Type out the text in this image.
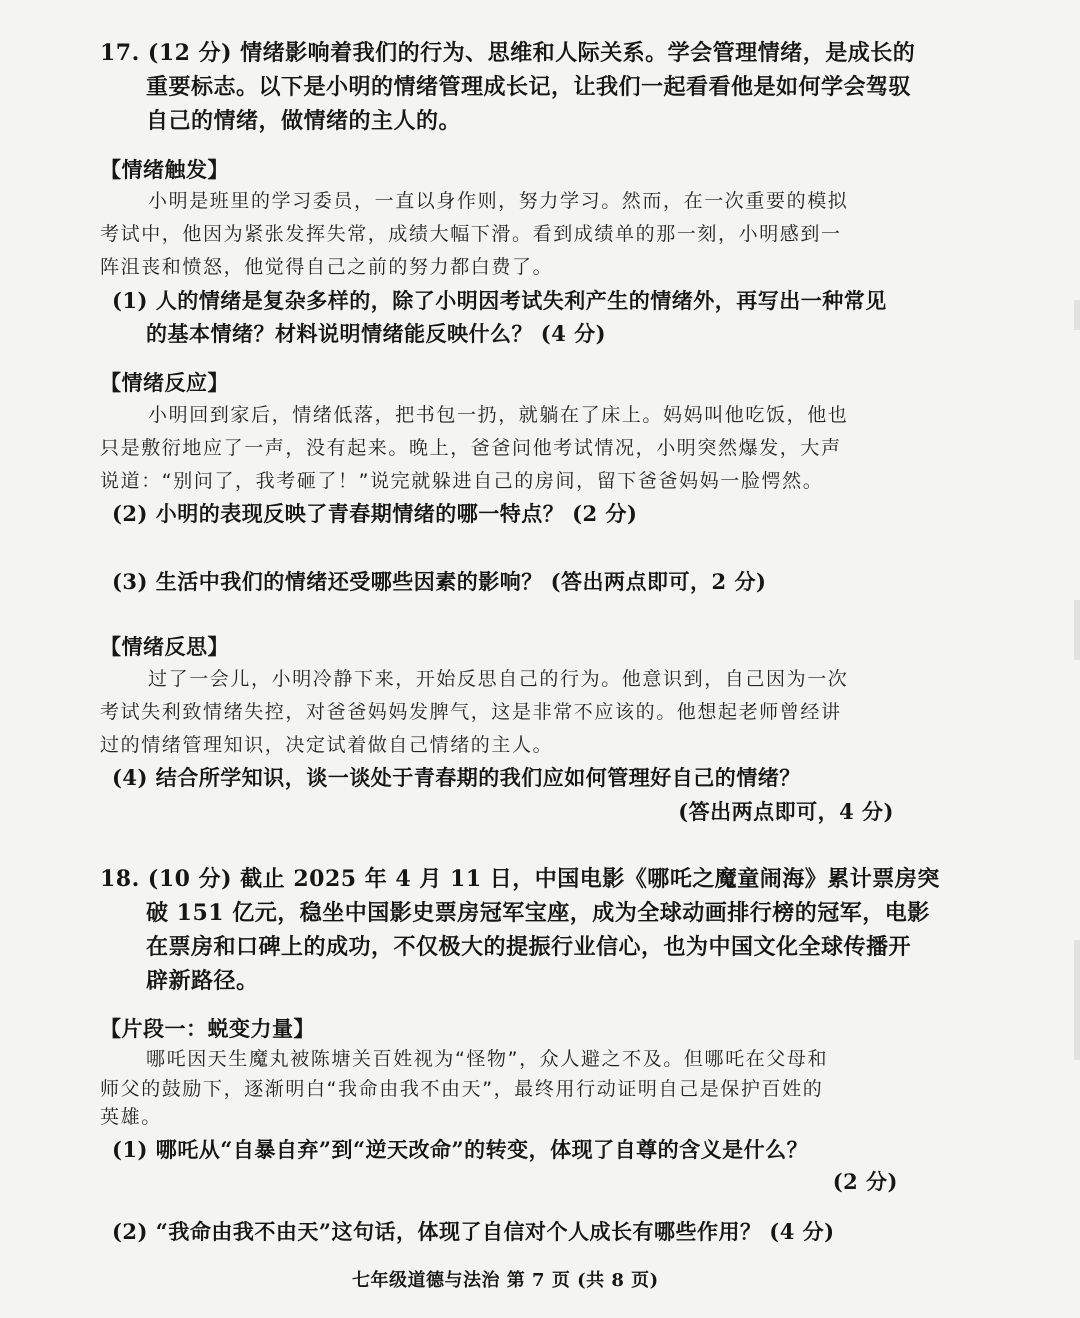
17. (12 分) 情绪影响着我们的行为、思维和人际关系。学会管理情绪，是成长的
重要标志。以下是小明的情绪管理成长记，让我们一起看看他是如何学会驾驭
自己的情绪，做情绪的主人的。
【情绪触发】
小明是班里的学习委员，一直以身作则，努力学习。然而，在一次重要的模拟
考试中，他因为紧张发挥失常，成绩大幅下滑。看到成绩单的那一刻，小明感到一
阵沮丧和愤怒，他觉得自己之前的努力都白费了。
(1) 人的情绪是复杂多样的，除了小明因考试失利产生的情绪外，再写出一种常见
的基本情绪？材料说明情绪能反映什么？ (4 分)
【情绪反应】
小明回到家后，情绪低落，把书包一扔，就躺在了床上。妈妈叫他吃饭，他也
只是敷衍地应了一声，没有起来。晚上，爸爸问他考试情况，小明突然爆发，大声
说道：“别问了，我考砸了！”说完就躲进自己的房间，留下爸爸妈妈一脸愕然。
(2) 小明的表现反映了青春期情绪的哪一特点？ (2 分)
(3) 生活中我们的情绪还受哪些因素的影响？ (答出两点即可，2 分)
【情绪反思】
过了一会儿，小明冷静下来，开始反思自己的行为。他意识到，自己因为一次
考试失利致情绪失控，对爸爸妈妈发脾气，这是非常不应该的。他想起老师曾经讲
过的情绪管理知识，决定试着做自己情绪的主人。
(4) 结合所学知识，谈一谈处于青春期的我们应如何管理好自己的情绪？
(答出两点即可，4 分)
18. (10 分) 截止 2025 年 4 月 11 日，中国电影《哪吒之魔童闹海》累计票房突
破 151 亿元，稳坐中国影史票房冠军宝座，成为全球动画排行榜的冠军，电影
在票房和口碑上的成功，不仅极大的提振行业信心，也为中国文化全球传播开
辟新路径。
【片段一：蜕变力量】
哪吒因天生魔丸被陈塘关百姓视为“怪物”，众人避之不及。但哪吒在父母和
师父的鼓励下，逐渐明白“我命由我不由天”，最终用行动证明自己是保护百姓的
英雄。
(1) 哪吒从“自暴自弃”到“逆天改命”的转变，体现了自尊的含义是什么？
(2 分)
(2) “我命由我不由天”这句话，体现了自信对个人成长有哪些作用？ (4 分)
七年级道德与法治 第 7 页 (共 8 页)
